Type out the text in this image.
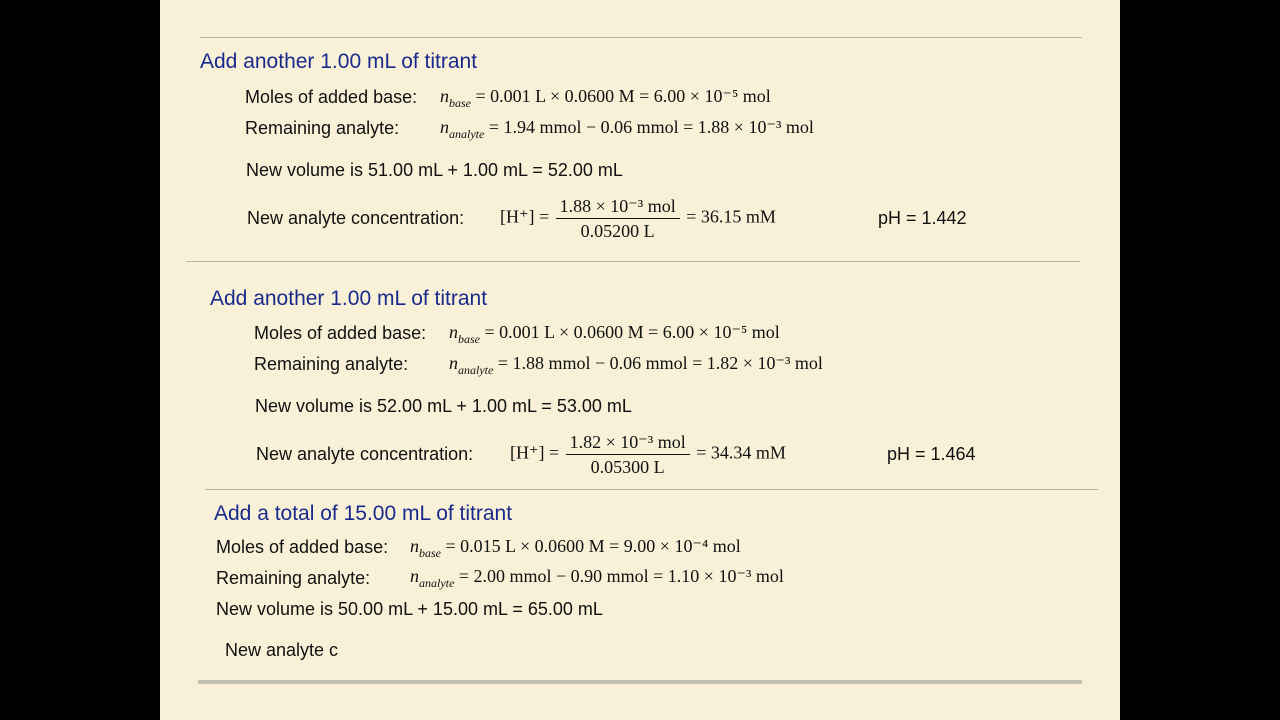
Add another 1.00 mL of titrant
Moles of added base: $n_{base} = 0.001$ L × 0.0600 M = 6.00 × 10⁻⁵ mol
Remaining analyte: $n_{analyte} = 1.94$ mmol − 0.06 mmol = 1.88 × 10⁻³ mol
New volume is 51.00 mL + 1.00 mL = 52.00 mL
New analyte concentration: $[H^+] = \frac{\text{1.88 × 10⁻³ mol}}{0.05200 L} = 36.15$ mM	pH = 1.442
Add another 1.00 mL of titrant
Moles of added base: $n_{base} = 0.001$ L × 0.0600 M = 6.00 × 10⁻⁵ mol
Remaining analyte: $n_{analyte} = 1.88$ mmol − 0.06 mmol = 1.82 × 10⁻³ mol
New volume is 52.00 mL + 1.00 mL = 53.00 mL
New analyte concentration: $[H^+] = \frac{\text{1.82 × 10⁻³ mol}}{0.05300 L} = 34.34$ mM	pH = 1.464
Add a total of 15.00 mL of titrant
Moles of added base: $n_{base} = 0.015$ L × 0.0600 M = 9.00 × 10⁻⁴ mol
Remaining analyte: $n_{analyte} = 2.00$ mmol − 0.90 mmol = 1.10 × 10⁻³ mol
New volume is 50.00 mL + 15.00 mL = 65.00 mL
New analyte c
